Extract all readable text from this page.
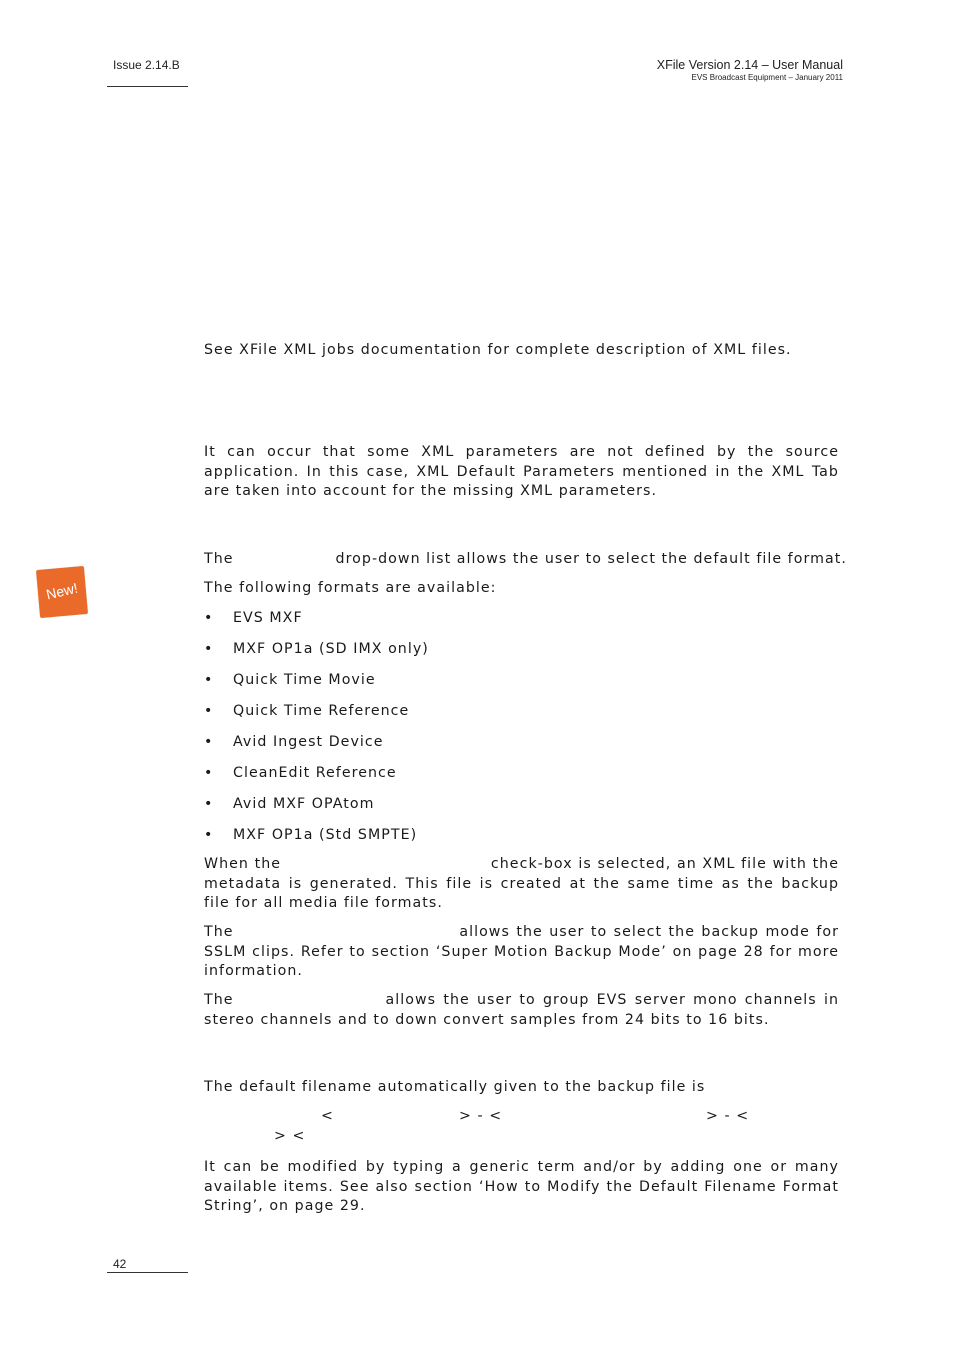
Issue 2.14.B	XFile Version 2.14 – User Manual
EVS Broadcast Equipment – January 2011

See XFile XML jobs documentation for complete description of XML files.

It can occur that some XML parameters are not defined by the source application. In this case, XML Default Parameters mentioned in the XML Tab are taken into account for the missing XML parameters.

The	drop-down list allows the user to select the default file format.

The following formats are available:

New!
•	EVS MXF
•	MXF OP1a (SD IMX only)
•	Quick Time Movie
•	Quick Time Reference
•	Avid Ingest Device
•	CleanEdit Reference
•	Avid MXF OPAtom
•	MXF OP1a (Std SMPTE)

When the                                     check-box is selected, an XML file with the metadata is generated. This file is created at the same time as the backup file for all media file formats.

The                                   allows the user to select the backup mode for SSLM clips. Refer to section ‘Super Motion Backup Mode’ on page 28 for more information.

The                     allows the user to group EVS server mono channels in stereo channels and to down convert samples from 24 bits to 16 bits.

The default filename automatically given to the backup file is

<	> - <	> - <
> <

It can be modified by typing a generic term and/or by adding one or many available items. See also section ‘How to Modify the Default Filename Format String’, on page 29.

42
